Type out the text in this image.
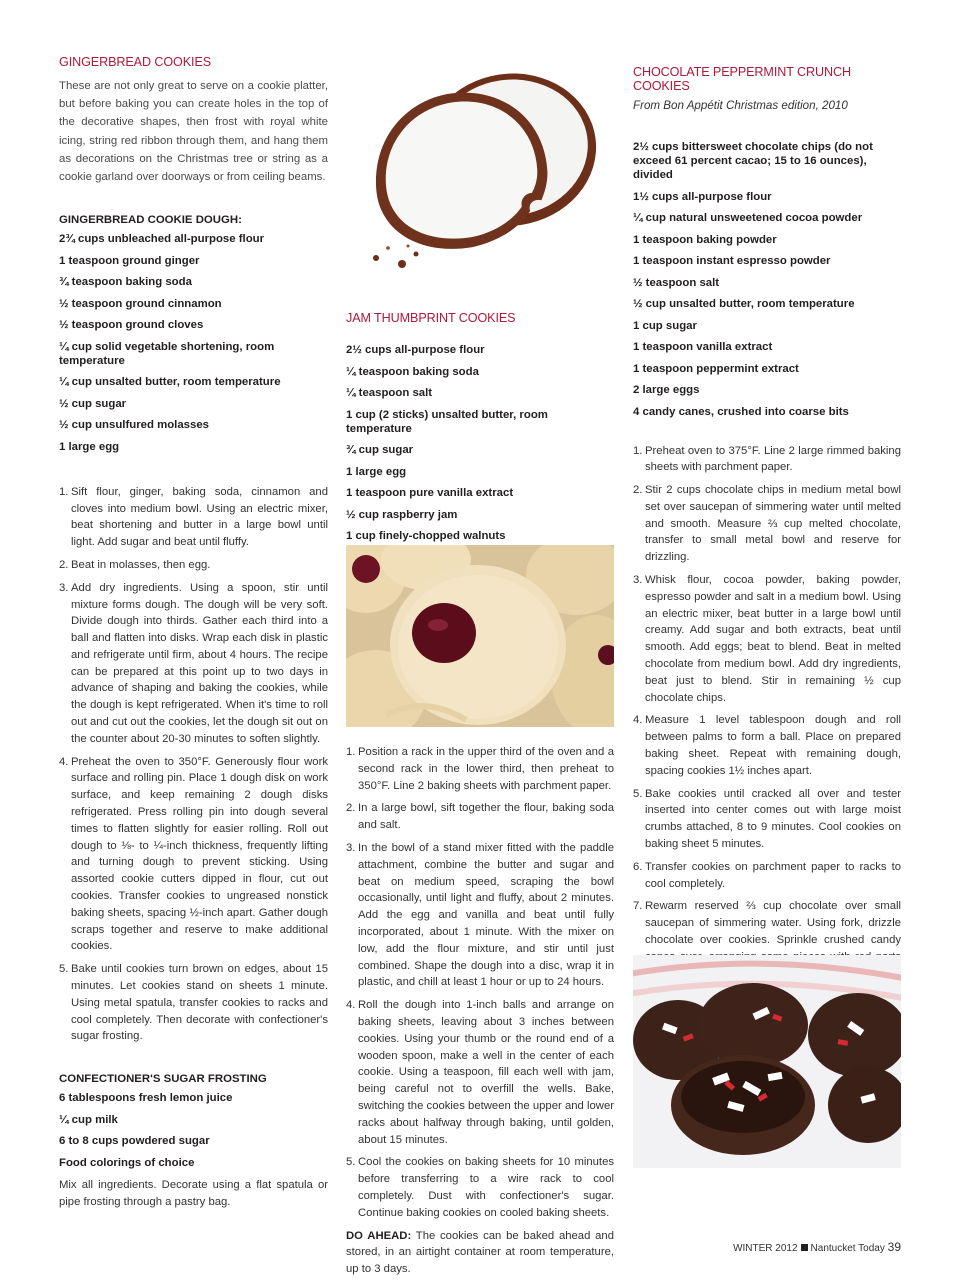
GINGERBREAD COOKIES

These are not only great to serve on a cookie platter, but before baking you can create holes in the top of the decorative shapes, then frost with royal white icing, string red ribbon through them, and hang them as decorations on the Christmas tree or string as a cookie garland over doorways or from ceiling beams.

GINGERBREAD COOKIE DOUGH:
2¾ cups unbleached all-purpose flour
1 teaspoon ground ginger
¾ teaspoon baking soda
½ teaspoon ground cinnamon
½ teaspoon ground cloves
¼ cup solid vegetable shortening, room temperature
¼ cup unsalted butter, room temperature
½ cup sugar
½ cup unsulfured molasses
1 large egg
1. Sift flour, ginger, baking soda, cinnamon and cloves into medium bowl. Using an electric mixer, beat shortening and butter in a large bowl until light. Add sugar and beat until fluffy.
2. Beat in molasses, then egg.
3. Add dry ingredients. Using a spoon, stir until mixture forms dough. The dough will be very soft. Divide dough into thirds. Gather each third into a ball and flatten into disks. Wrap each disk in plastic and refrigerate until firm, about 4 hours. The recipe can be prepared at this point up to two days in advance of shaping and baking the cookies, while the dough is kept refrigerated. When it's time to roll out and cut out the cookies, let the dough sit out on the counter about 20-30 minutes to soften slightly.
4. Preheat the oven to 350°F. Generously flour work surface and rolling pin. Place 1 dough disk on work surface, and keep remaining 2 dough disks refrigerated. Press rolling pin into dough several times to flatten slightly for easier rolling. Roll out dough to ⅛- to ¼-inch thickness, frequently lifting and turning dough to prevent sticking. Using assorted cookie cutters dipped in flour, cut out cookies. Transfer cookies to ungreased nonstick baking sheets, spacing ½-inch apart. Gather dough scraps together and reserve to make additional cookies.
5. Bake until cookies turn brown on edges, about 15 minutes. Let cookies stand on sheets 1 minute. Using metal spatula, transfer cookies to racks and cool completely. Then decorate with confectioner's sugar frosting.
CONFECTIONER'S SUGAR FROSTING
6 tablespoons fresh lemon juice
¼ cup milk
6 to 8 cups powdered sugar
Food colorings of choice

Mix all ingredients. Decorate using a flat spatula or pipe frosting through a pastry bag.

JAM THUMBPRINT COOKIES
2½ cups all-purpose flour
¼ teaspoon baking soda
¼ teaspoon salt
1 cup (2 sticks) unsalted butter, room temperature
¾ cup sugar
1 large egg
1 teaspoon pure vanilla extract
½ cup raspberry jam
1 cup finely-chopped walnuts
1. Position a rack in the upper third of the oven and a second rack in the lower third, then preheat to 350°F. Line 2 baking sheets with parchment paper.
2. In a large bowl, sift together the flour, baking soda and salt.
3. In the bowl of a stand mixer fitted with the paddle attachment, combine the butter and sugar and beat on medium speed, scraping the bowl occasionally, until light and fluffy, about 2 minutes. Add the egg and vanilla and beat until fully incorporated, about 1 minute. With the mixer on low, add the flour mixture, and stir until just combined. Shape the dough into a disc, wrap it in plastic, and chill at least 1 hour or up to 24 hours.
4. Roll the dough into 1-inch balls and arrange on baking sheets, leaving about 3 inches between cookies. Using your thumb or the round end of a wooden spoon, make a well in the center of each cookie. Using a teaspoon, fill each well with jam, being careful not to overfill the wells. Bake, switching the cookies between the upper and lower racks about halfway through baking, until golden, about 15 minutes.
5. Cool the cookies on baking sheets for 10 minutes before transferring to a wire rack to cool completely. Dust with confectioner's sugar. Continue baking cookies on cooled baking sheets.

DO AHEAD: The cookies can be baked ahead and stored, in an airtight container at room temperature, up to 3 days.

CHOCOLATE PEPPERMINT CRUNCH COOKIES

From Bon Appétit Christmas edition, 2010

2½ cups bittersweet chocolate chips (do not exceed 61 percent cacao; 15 to 16 ounces), divided
1½ cups all-purpose flour
¼ cup natural unsweetened cocoa powder
1 teaspoon baking powder
1 teaspoon instant espresso powder
½ teaspoon salt
½ cup unsalted butter, room temperature
1 cup sugar
1 teaspoon vanilla extract
1 teaspoon peppermint extract
2 large eggs
4 candy canes, crushed into coarse bits
1. Preheat oven to 375°F. Line 2 large rimmed baking sheets with parchment paper.
2. Stir 2 cups chocolate chips in medium metal bowl set over saucepan of simmering water until melted and smooth. Measure ⅔ cup melted chocolate, transfer to small metal bowl and reserve for drizzling.
3. Whisk flour, cocoa powder, baking powder, espresso powder and salt in a medium bowl. Using an electric mixer, beat butter in a large bowl until creamy. Add sugar and both extracts, beat until smooth. Add eggs; beat to blend. Beat in melted chocolate from medium bowl. Add dry ingredients, beat just to blend. Stir in remaining ½ cup chocolate chips.
4. Measure 1 level tablespoon dough and roll between palms to form a ball. Place on prepared baking sheet. Repeat with remaining dough, spacing cookies 1½ inches apart.
5. Bake cookies until cracked all over and tester inserted into center comes out with large moist crumbs attached, 8 to 9 minutes. Cool cookies on baking sheet 5 minutes.
6. Transfer cookies on parchment paper to racks to cool completely.
7. Rewarm reserved ⅔ cup chocolate over small saucepan of simmering water. Using fork, drizzle chocolate over cookies. Sprinkle crushed candy

WINTER 2012 Nantucket Today 39
